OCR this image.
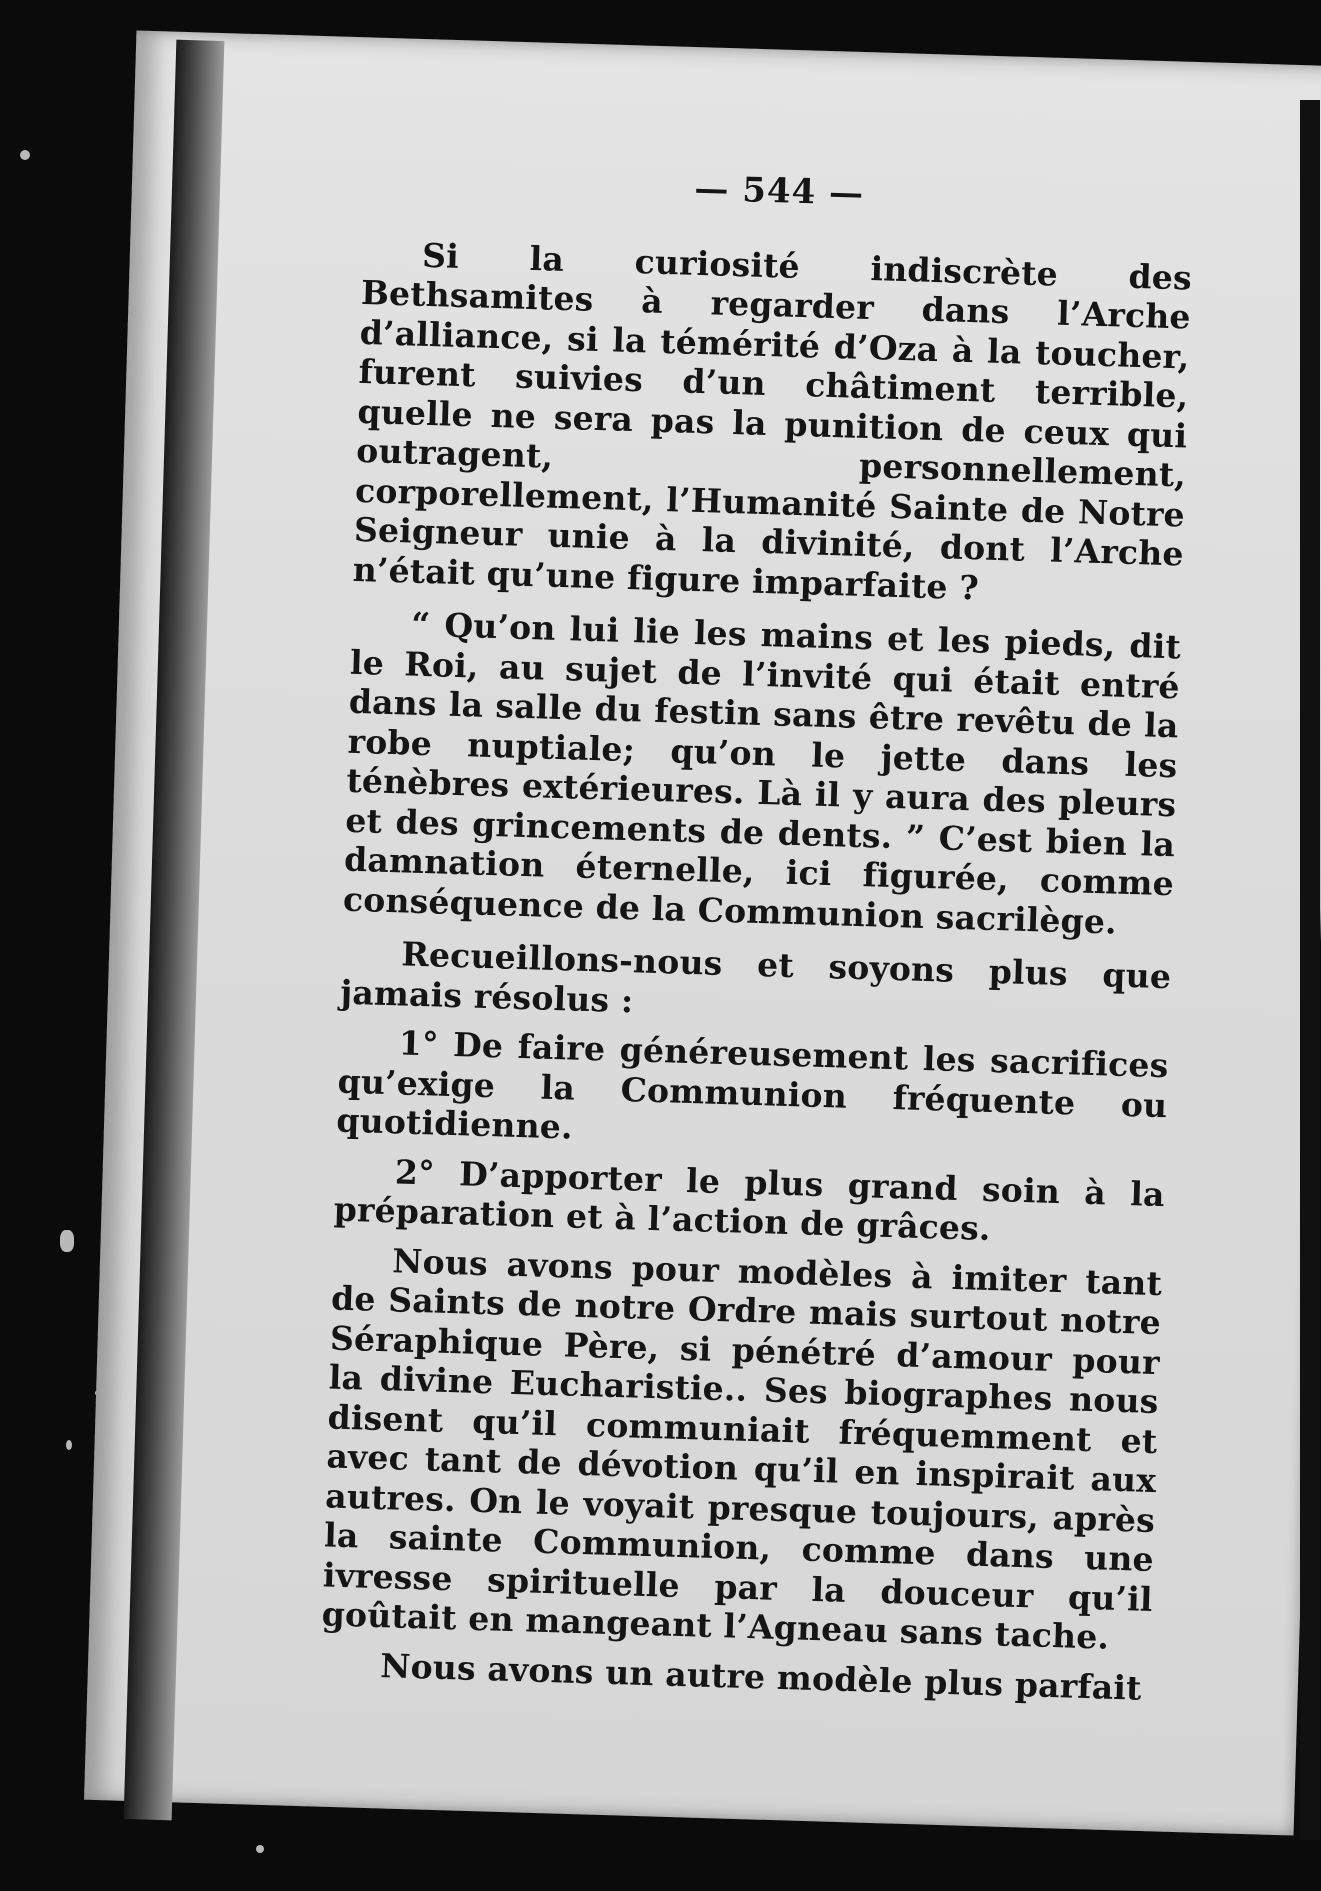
— 544 —

Si la curiosité indiscrète des Bethsamites à regarder dans l’Arche d’alliance, si la témérité d’Oza à la toucher, furent suivies d’un châtiment terrible, quelle ne sera pas la punition de ceux qui outragent, personnellement, corporellement, l’Humanité Sainte de Notre Seigneur unie à la divinité, dont l’Arche n’était qu’une figure imparfaite ?

“ Qu’on lui lie les mains et les pieds, dit le Roi, au sujet de l’invité qui était entré dans la salle du festin sans être revêtu de la robe nuptiale; qu’on le jette dans les ténèbres extérieures. Là il y aura des pleurs et des grincements de dents. ” C’est bien la damnation éternelle, ici figurée, comme conséquence de la Communion sacrilège.

Recueillons-nous et soyons plus que jamais résolus :

1° De faire généreusement les sacrifices qu’exige la Communion fréquente ou quotidienne.

2° D’apporter le plus grand soin à la préparation et à l’action de grâces.

Nous avons pour modèles à imiter tant de Saints de notre Ordre mais surtout notre Séraphique Père, si pénétré d’amour pour la divine Eucharistie.. Ses biographes nous disent qu’il communiait fréquemment et avec tant de dévotion qu’il en inspirait aux autres. On le voyait presque toujours, après la sainte Communion, comme dans une ivresse spirituelle par la douceur qu’il goûtait en mangeant l’Agneau sans tache.

Nous avons un autre modèle plus parfait
